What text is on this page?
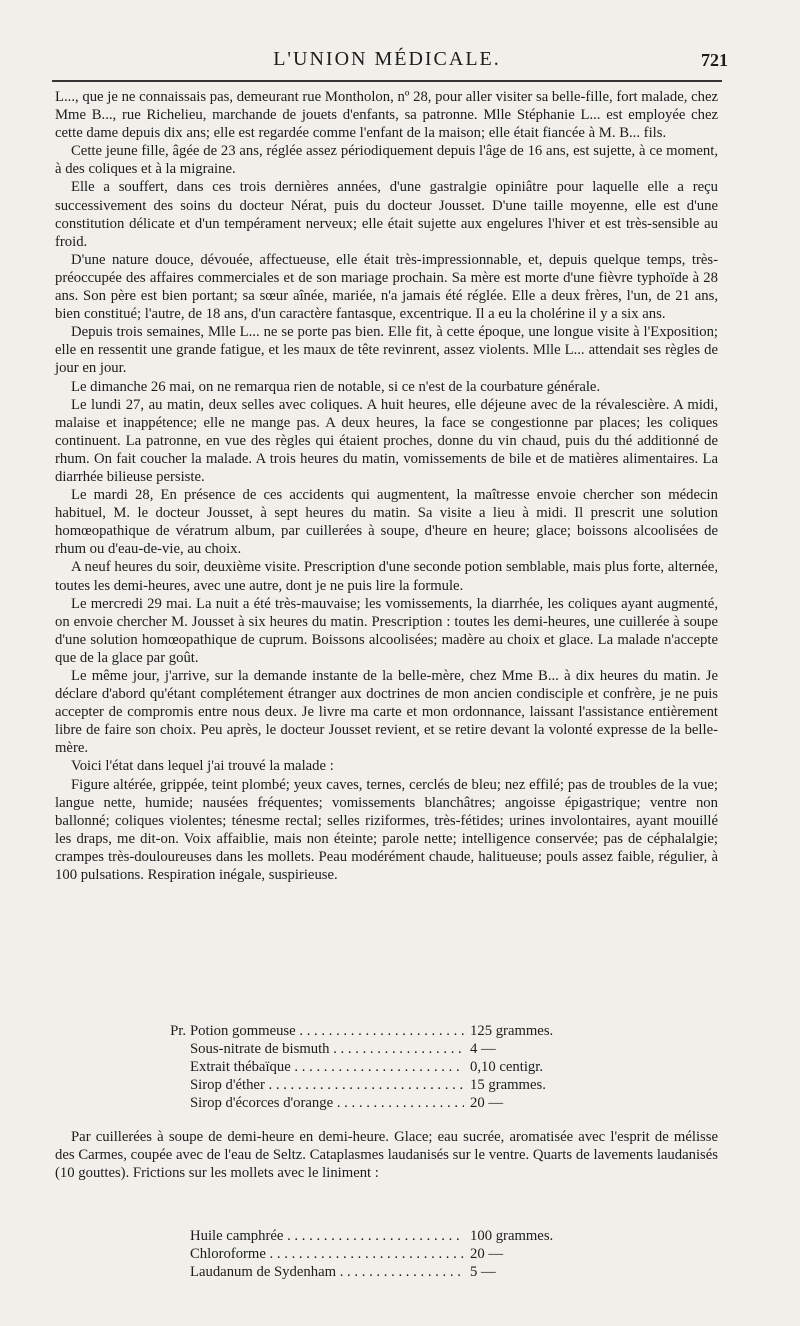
L'UNION MÉDICALE.	721

L..., que je ne connaissais pas, demeurant rue Montholon, nº 28, pour aller visiter sa belle-fille, fort malade, chez Mme B..., rue Richelieu, marchande de jouets d'enfants, sa patronne. Mlle Stéphanie L... est employée chez cette dame depuis dix ans; elle est regardée comme l'enfant de la maison; elle était fiancée à M. B... fils.

Cette jeune fille, âgée de 23 ans, réglée assez périodiquement depuis l'âge de 16 ans, est sujette, à ce moment, à des coliques et à la migraine.

Elle a souffert, dans ces trois dernières années, d'une gastralgie opiniâtre pour laquelle elle a reçu successivement des soins du docteur Nérat, puis du docteur Jousset. D'une taille moyenne, elle est d'une constitution délicate et d'un tempérament nerveux; elle était sujette aux engelures l'hiver et est très-sensible au froid.

D'une nature douce, dévouée, affectueuse, elle était très-impressionnable, et, depuis quelque temps, très-préoccupée des affaires commerciales et de son mariage prochain. Sa mère est morte d'une fièvre typhoïde à 28 ans. Son père est bien portant; sa sœur aînée, mariée, n'a jamais été réglée. Elle a deux frères, l'un, de 21 ans, bien constitué; l'autre, de 18 ans, d'un caractère fantasque, excentrique. Il a eu la cholérine il y a six ans.

Depuis trois semaines, Mlle L... ne se porte pas bien. Elle fit, à cette époque, une longue visite à l'Exposition; elle en ressentit une grande fatigue, et les maux de tête revinrent, assez violents. Mlle L... attendait ses règles de jour en jour.

Le dimanche 26 mai, on ne remarqua rien de notable, si ce n'est de la courbature générale.

Le lundi 27, au matin, deux selles avec coliques. A huit heures, elle déjeune avec de la révalescière. A midi, malaise et inappétence; elle ne mange pas. A deux heures, la face se congestionne par places; les coliques continuent. La patronne, en vue des règles qui étaient proches, donne du vin chaud, puis du thé additionné de rhum. On fait coucher la malade. A trois heures du matin, vomissements de bile et de matières alimentaires. La diarrhée bilieuse persiste.

Le mardi 28, En présence de ces accidents qui augmentent, la maîtresse envoie chercher son médecin habituel, M. le docteur Jousset, à sept heures du matin. Sa visite a lieu à midi. Il prescrit une solution homœopathique de vératrum album, par cuillerées à soupe, d'heure en heure; glace; boissons alcoolisées de rhum ou d'eau-de-vie, au choix.

A neuf heures du soir, deuxième visite. Prescription d'une seconde potion semblable, mais plus forte, alternée, toutes les demi-heures, avec une autre, dont je ne puis lire la formule.

Le mercredi 29 mai. La nuit a été très-mauvaise; les vomissements, la diarrhée, les coliques ayant augmenté, on envoie chercher M. Jousset à six heures du matin. Prescription : toutes les demi-heures, une cuillerée à soupe d'une solution homœopathique de cuprum. Boissons alcoolisées; madère au choix et glace. La malade n'accepte que de la glace par goût.

Le même jour, j'arrive, sur la demande instante de la belle-mère, chez Mme B... à dix heures du matin. Je déclare d'abord qu'étant complétement étranger aux doctrines de mon ancien condisciple et confrère, je ne puis accepter de compromis entre nous deux. Je livre ma carte et mon ordonnance, laissant l'assistance entièrement libre de faire son choix. Peu après, le docteur Jousset revient, et se retire devant la volonté expresse de la belle-mère.

Voici l'état dans lequel j'ai trouvé la malade :

Figure altérée, grippée, teint plombé; yeux caves, ternes, cerclés de bleu; nez effilé; pas de troubles de la vue; langue nette, humide; nausées fréquentes; vomissements blanchâtres; angoisse épigastrique; ventre non ballonné; coliques violentes; ténesme rectal; selles riziformes, très-fétides; urines involontaires, ayant mouillé les draps, me dit-on. Voix affaiblie, mais non éteinte; parole nette; intelligence conservée; pas de céphalalgie; crampes très-douloureuses dans les mollets. Peau modérément chaude, halitueuse; pouls assez faible, régulier, à 100 pulsations. Respiration inégale, suspirieuse.

Pr. Potion gommeuse . . .	125 grammes.
Sous-nitrate de bismuth . . .	4 —
Extrait thébaïque . . .	0,10 centigr.
Sirop d'éther . . .	15 grammes.
Sirop d'écorces d'orange . . .	20 —

Par cuillerées à soupe de demi-heure en demi-heure. Glace; eau sucrée, aromatisée avec l'esprit de mélisse des Carmes, coupée avec de l'eau de Seltz. Cataplasmes laudanisés sur le ventre. Quarts de lavements laudanisés (10 gouttes). Frictions sur les mollets avec le liniment :

Huile camphrée . . .	100 grammes.
Chloroforme . . .	20 —
Laudanum de Sydenham . . .	5 —
